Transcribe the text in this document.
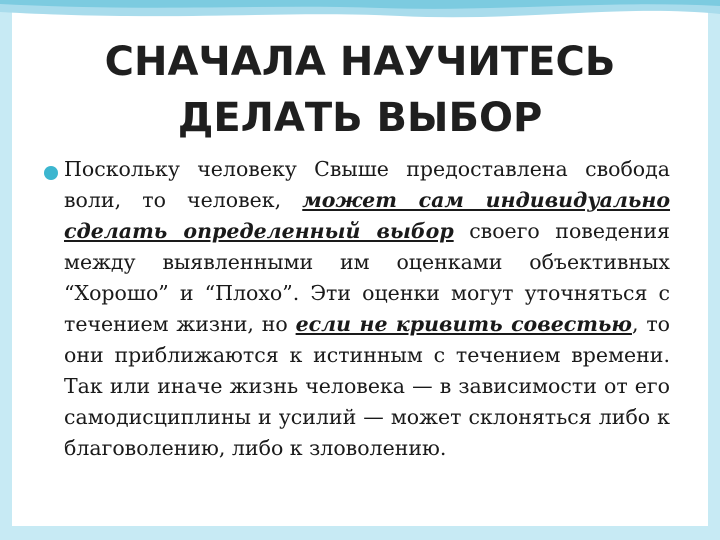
СНАЧАЛА НАУЧИТЕСЬ
ДЕЛАТЬ ВЫБОР

Поскольку человеку Свыше предоставлена свобода воли, то человек, может сам индивидуально сделать определенный выбор своего поведения между выявленными им оценками объективных “Хорошо” и “Плохо”. Эти оценки могут уточняться с течением жизни, но если не кривить совестью, то они приближаются к истинным с течением времени. Так или иначе жизнь человека — в зависимости от его самодисциплины и усилий — может склоняться либо к благоволению, либо к зловолению.
